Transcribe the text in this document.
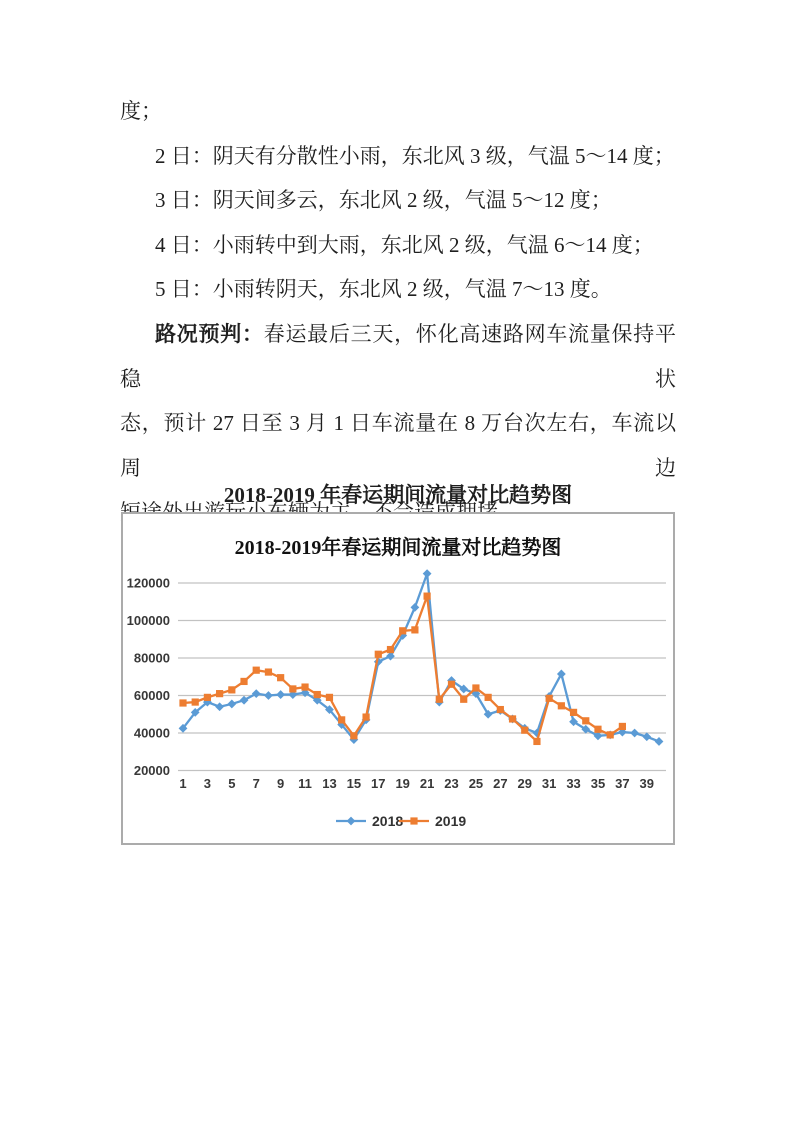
度；
2 日：阴天有分散性小雨，东北风 3 级，气温 5～14 度；
3 日：阴天间多云，东北风 2 级，气温 5～12 度；
4 日：小雨转中到大雨，东北风 2 级，气温 6～14 度；
5 日：小雨转阴天，东北风 2 级，气温 7～13 度。
路况预判：春运最后三天，怀化高速路网车流量保持平稳状
态，预计 27 日至 3 月 1 日车流量在 8 万台次左右，车流以周边
2018-2019 年春运期间流量对比趋势图
20000
40000
60000
80000
100000
120000
1 3 5 7 9 11 13 15 17 19 21 23 25 27 29 31 33 35 37 39
2018-2019年春运期间流量对比趋势图
2018 2019
